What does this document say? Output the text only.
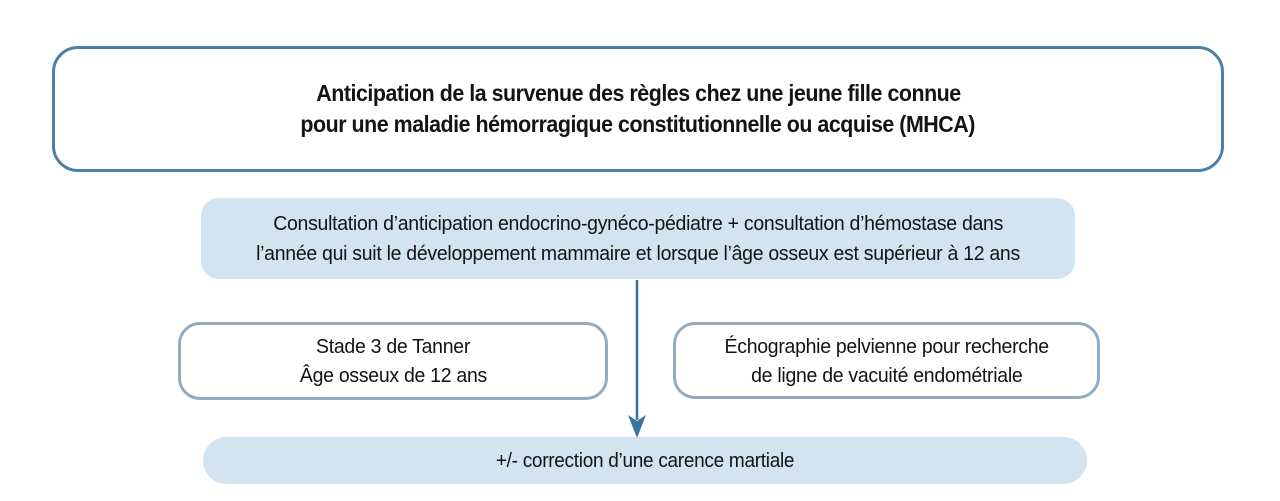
Anticipation de la survenue des règles chez une jeune fille connue
pour une maladie hémorragique constitutionnelle ou acquise (MHCA)
Consultation d’anticipation endocrino-gynéco-pédiatre + consultation d’hémostase dans
l’année qui suit le développement mammaire et lorsque l’âge osseux est supérieur à 12 ans
Stade 3 de Tanner
Âge osseux de 12 ans
Échographie pelvienne pour recherche
de ligne de vacuité endométriale
+/- correction d’une carence martiale
